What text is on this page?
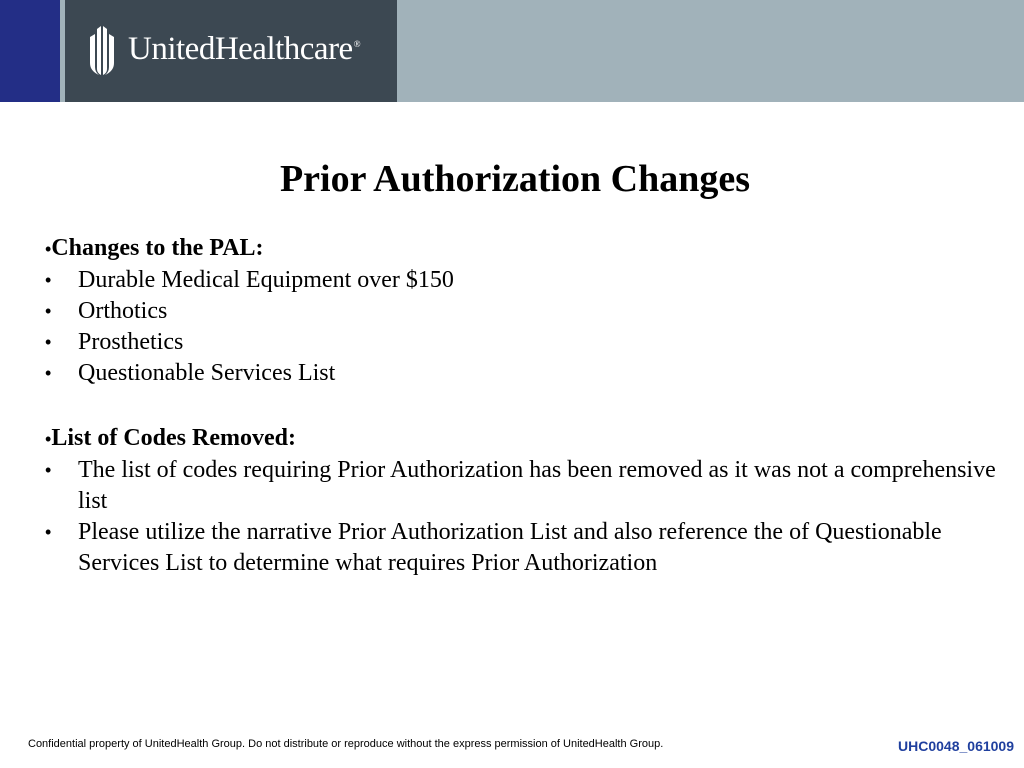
UnitedHealthcare®
Prior Authorization Changes
•Changes to the PAL:
• Durable Medical Equipment over $150
• Orthotics
• Prosthetics
• Questionable Services List
•List of Codes Removed:
• The list of codes requiring Prior Authorization has been removed as it was not a comprehensive list
• Please utilize the narrative Prior Authorization List and also reference the of Questionable Services List to determine what requires Prior Authorization
Confidential property of UnitedHealth Group. Do not distribute or reproduce without the express permission of UnitedHealth Group.	UHC0048_061009
